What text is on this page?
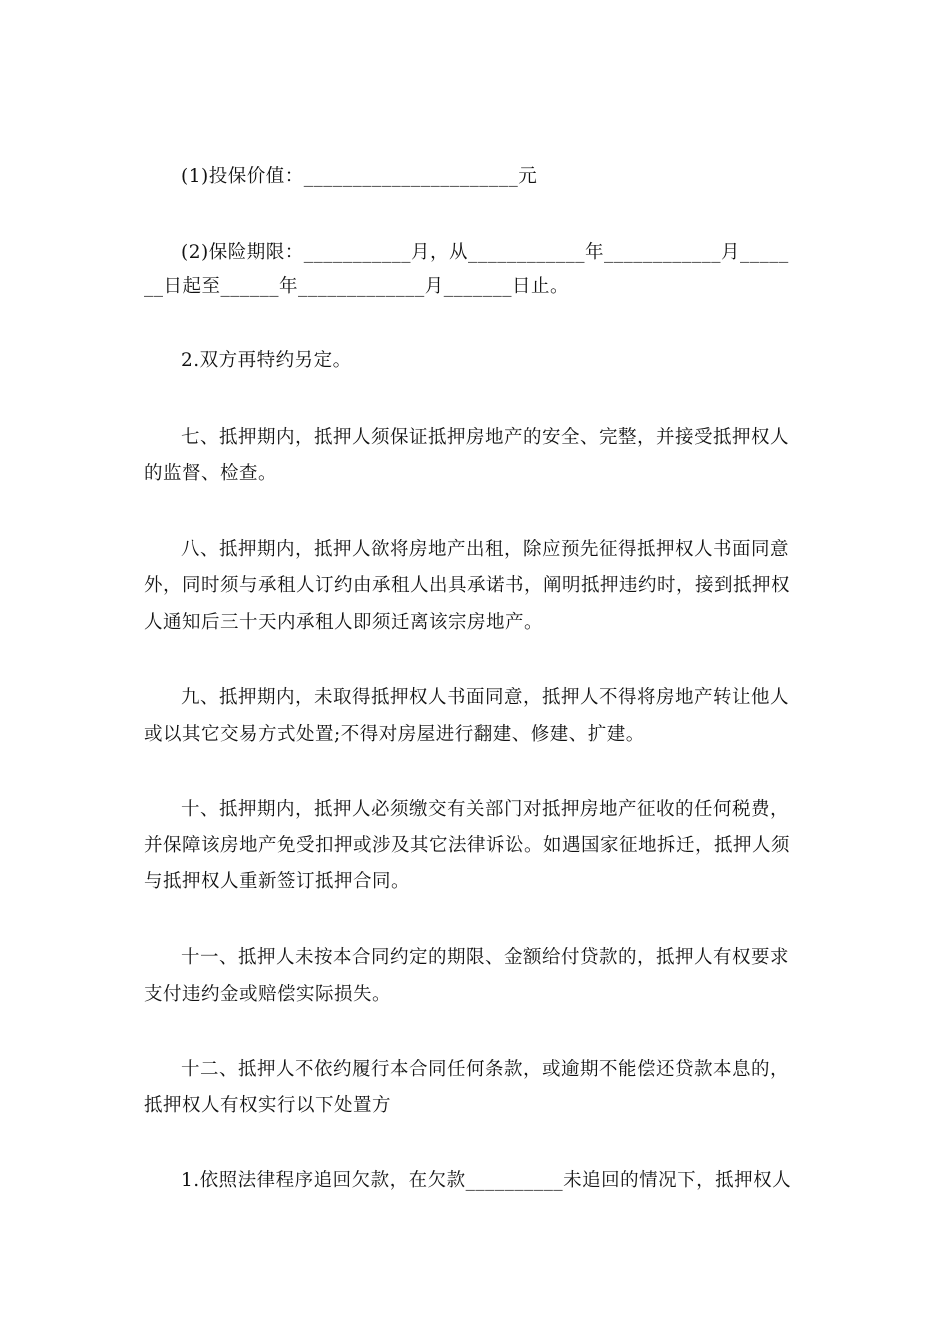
(1)投保价值：______________________元
(2)保险期限：___________月，从____________年____________月_____
__日起至______年_____________月_______日止。
2.双方再特约另定。
七、抵押期内，抵押人须保证抵押房地产的安全、完整，并接受抵押权人
的监督、检查。
八、抵押期内，抵押人欲将房地产出租，除应预先征得抵押权人书面同意
外，同时须与承租人订约由承租人出具承诺书，阐明抵押违约时，接到抵押权
人通知后三十天内承租人即须迁离该宗房地产。
九、抵押期内，未取得抵押权人书面同意，抵押人不得将房地产转让他人
或以其它交易方式处置;不得对房屋进行翻建、修建、扩建。
十、抵押期内，抵押人必须缴交有关部门对抵押房地产征收的任何税费，
并保障该房地产免受扣押或涉及其它法律诉讼。如遇国家征地拆迁，抵押人须
与抵押权人重新签订抵押合同。
十一、抵押人未按本合同约定的期限、金额给付贷款的，抵押人有权要求
支付违约金或赔偿实际损失。
十二、抵押人不依约履行本合同任何条款，或逾期不能偿还贷款本息的，
抵押权人有权实行以下处置方
1.依照法律程序追回欠款，在欠款__________未追回的情况下，抵押权人
